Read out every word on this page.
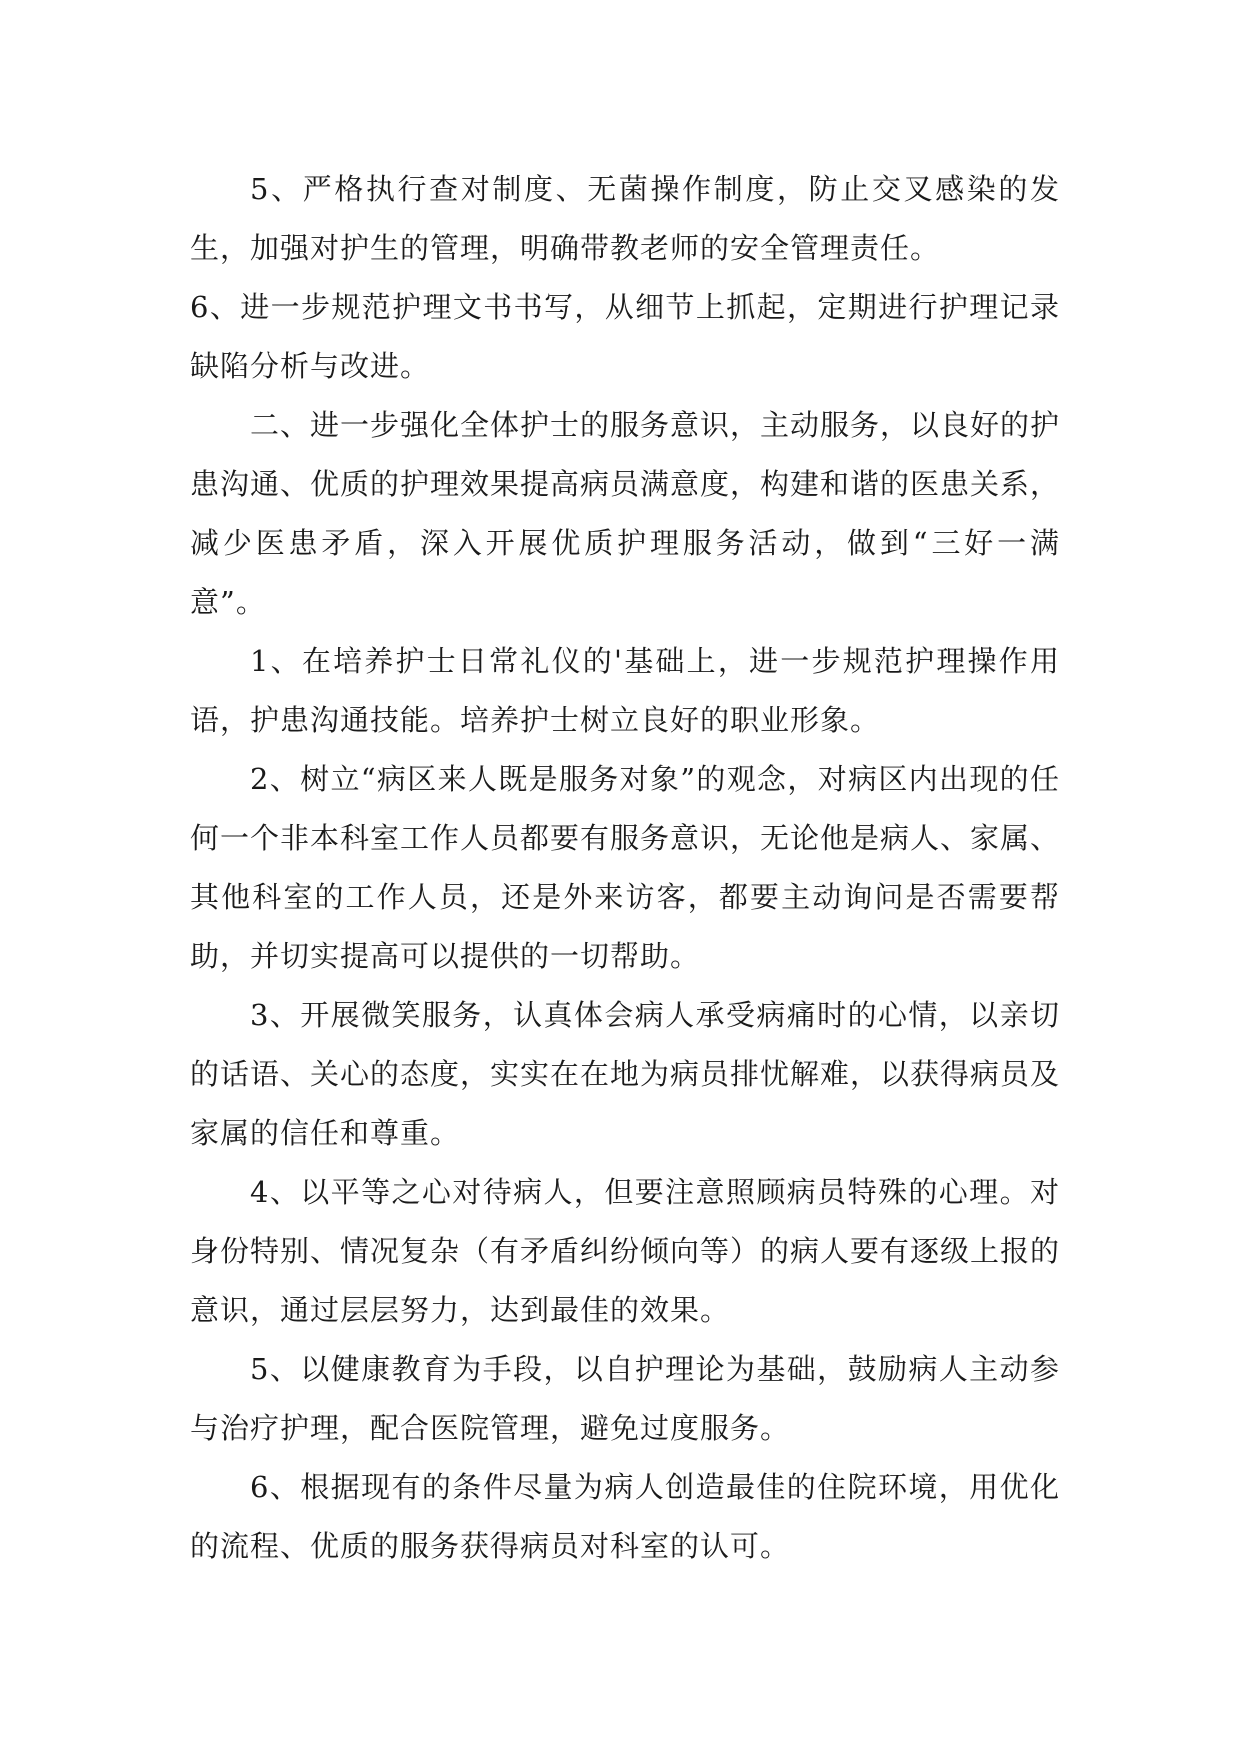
5、严格执行查对制度、无菌操作制度，防止交叉感染的发生，加强对护生的管理，明确带教老师的安全管理责任。

6、进一步规范护理文书书写，从细节上抓起，定期进行护理记录缺陷分析与改进。

二、进一步强化全体护士的服务意识，主动服务，以良好的护患沟通、优质的护理效果提高病员满意度，构建和谐的医患关系，减少医患矛盾，深入开展优质护理服务活动，做到“三好一满意”。

1、在培养护士日常礼仪的'基础上，进一步规范护理操作用语，护患沟通技能。培养护士树立良好的职业形象。

2、树立“病区来人既是服务对象”的观念，对病区内出现的任何一个非本科室工作人员都要有服务意识，无论他是病人、家属、其他科室的工作人员，还是外来访客，都要主动询问是否需要帮助，并切实提高可以提供的一切帮助。

3、开展微笑服务，认真体会病人承受病痛时的心情，以亲切的话语、关心的态度，实实在在地为病员排忧解难，以获得病员及家属的信任和尊重。

4、以平等之心对待病人，但要注意照顾病员特殊的心理。对身份特别、情况复杂（有矛盾纠纷倾向等）的病人要有逐级上报的意识，通过层层努力，达到最佳的效果。

5、以健康教育为手段，以自护理论为基础，鼓励病人主动参与治疗护理，配合医院管理，避免过度服务。

6、根据现有的条件尽量为病人创造最佳的住院环境，用优化的流程、优质的服务获得病员对科室的认可。
